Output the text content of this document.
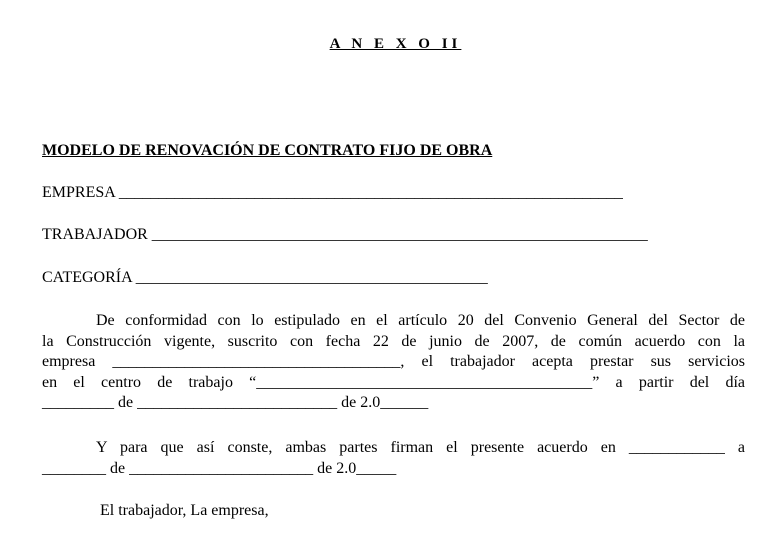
A N E X O II
MODELO DE RENOVACIÓN DE CONTRATO FIJO DE OBRA
EMPRESA _______________________________________________________________
TRABAJADOR ______________________________________________________________
CATEGORÍA ____________________________________________
De conformidad con lo estipulado en el artículo 20 del Convenio General del Sector de
la Construcción vigente, suscrito con fecha 22 de junio de 2007, de común acuerdo con la
empresa ____________________________________, el trabajador acepta prestar sus servicios
en el centro de trabajo “__________________________________________” a partir del día
_________ de _________________________ de 2.0______
Y para que así conste, ambas partes firman el presente acuerdo en ____________ a
________ de _______________________ de 2.0_____
El trabajador, La empresa,
